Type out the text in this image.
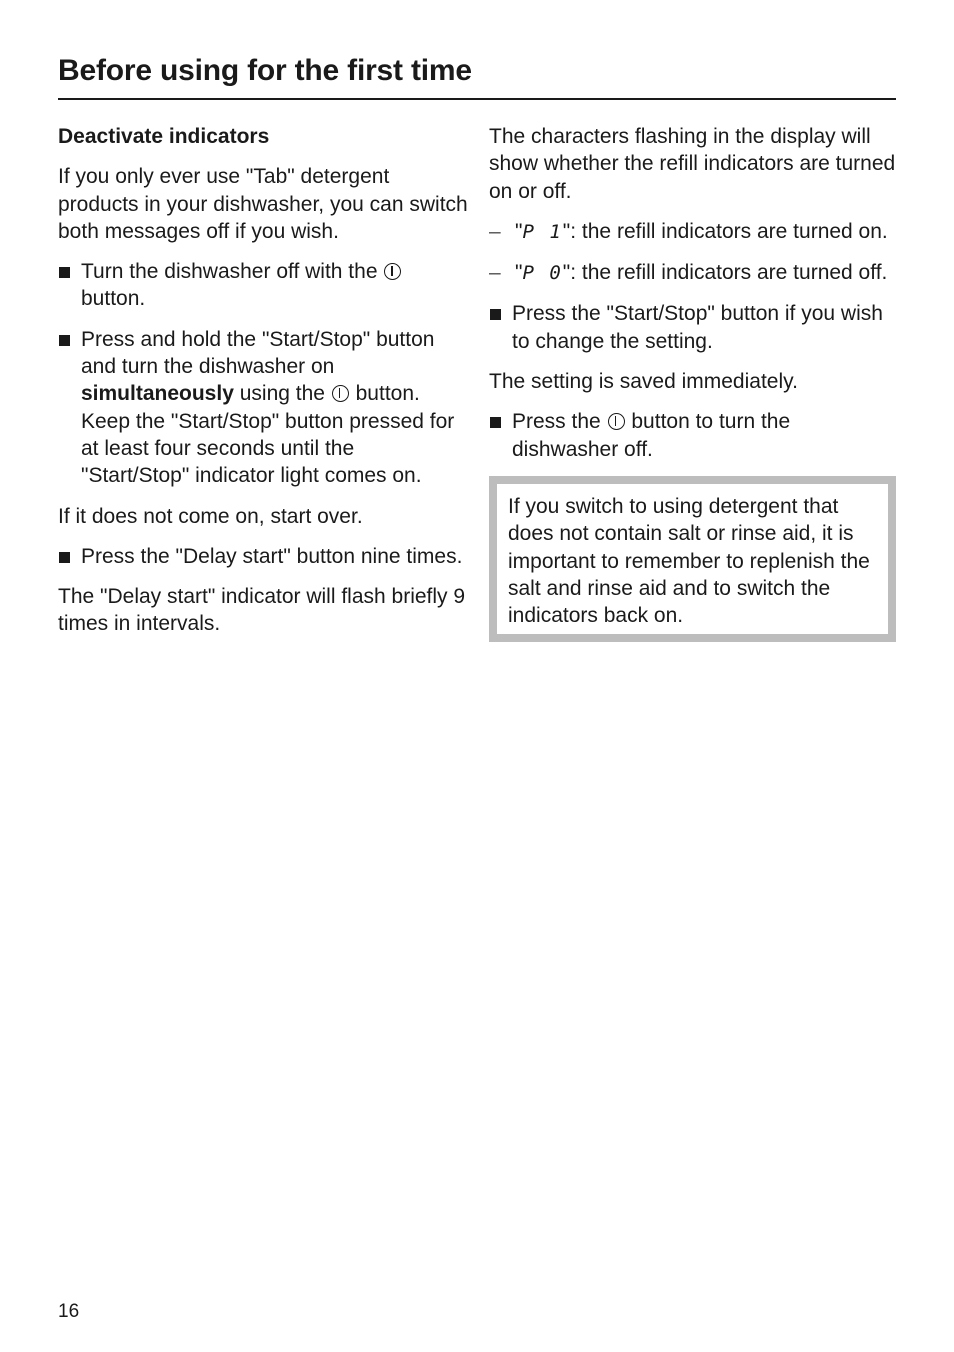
Before using for the first time
Deactivate indicators

If you only ever use "Tab" detergent products in your dishwasher, you can switch both messages off if you wish.

Turn the dishwasher off with the  button.
Press and hold the "Start/Stop" button and turn the dishwasher on simultaneously using the  button. Keep the "Start/Stop" button pressed for at least four seconds until the "Start/Stop" indicator light comes on.

If it does not come on, start over.

Press the "Delay start" button nine times.

The "Delay start" indicator will flash briefly 9 times in intervals.

The characters flashing in the display will show whether the refill indicators are turned on or off.

– "P 1": the refill indicators are turned on.
– "P 0": the refill indicators are turned off.
Press the "Start/Stop" button if you wish to change the setting.

The setting is saved immediately.

Press the  button to turn the dishwasher off.

If you switch to using detergent that does not contain salt or rinse aid, it is important to remember to replenish the salt and rinse aid and to switch the indicators back on.

16
